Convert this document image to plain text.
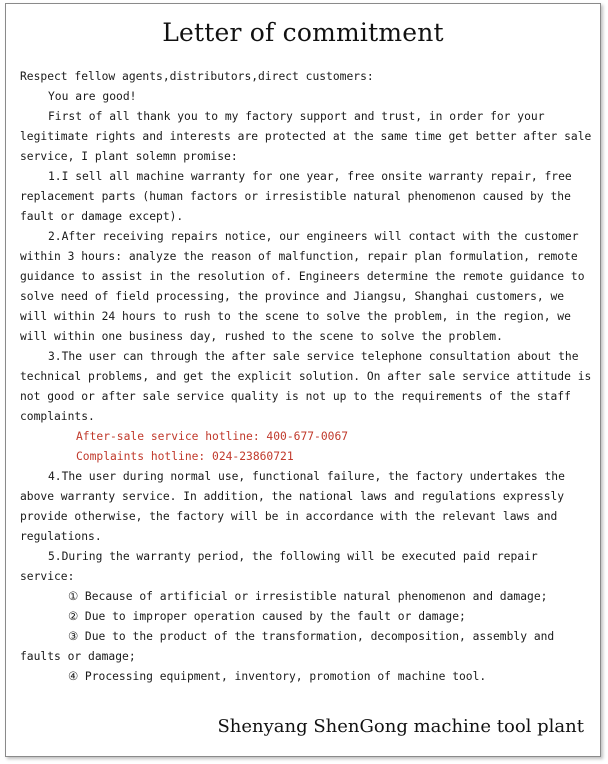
Letter of commitment

Respect fellow agents,distributors,direct customers:

You are good!

First of all thank you to my factory support and trust, in order for your legitimate rights and interests are protected at the same time get better after sale service, I plant solemn promise:

1.I sell all machine warranty for one year, free onsite warranty repair, free replacement parts (human factors or irresistible natural phenomenon caused by the fault or damage except).

2.After receiving repairs notice, our engineers will contact with the customer within 3 hours: analyze the reason of malfunction, repair plan formulation, remote guidance to assist in the resolution of. Engineers determine the remote guidance to solve need of field processing, the province and Jiangsu, Shanghai customers, we will within 24 hours to rush to the scene to solve the problem, in the region, we will within one business day, rushed to the scene to solve the problem.

3.The user can through the after sale service telephone consultation about the technical problems, and get the explicit solution. On after sale service attitude is not good or after sale service quality is not up to the requirements of the staff complaints.

After-sale service hotline: 400-677-0067

Complaints hotline: 024-23860721

4.The user during normal use, functional failure, the factory undertakes the above warranty service. In addition, the national laws and regulations expressly provide otherwise, the factory will be in accordance with the relevant laws and regulations.

5.During the warranty period, the following will be executed paid repair service:

① Because of artificial or irresistible natural phenomenon and damage;

② Due to improper operation caused by the fault or damage;

③ Due to the product of the transformation, decomposition, assembly and faults or damage;

④ Processing equipment, inventory, promotion of machine tool.

Shenyang ShenGong machine tool plant
